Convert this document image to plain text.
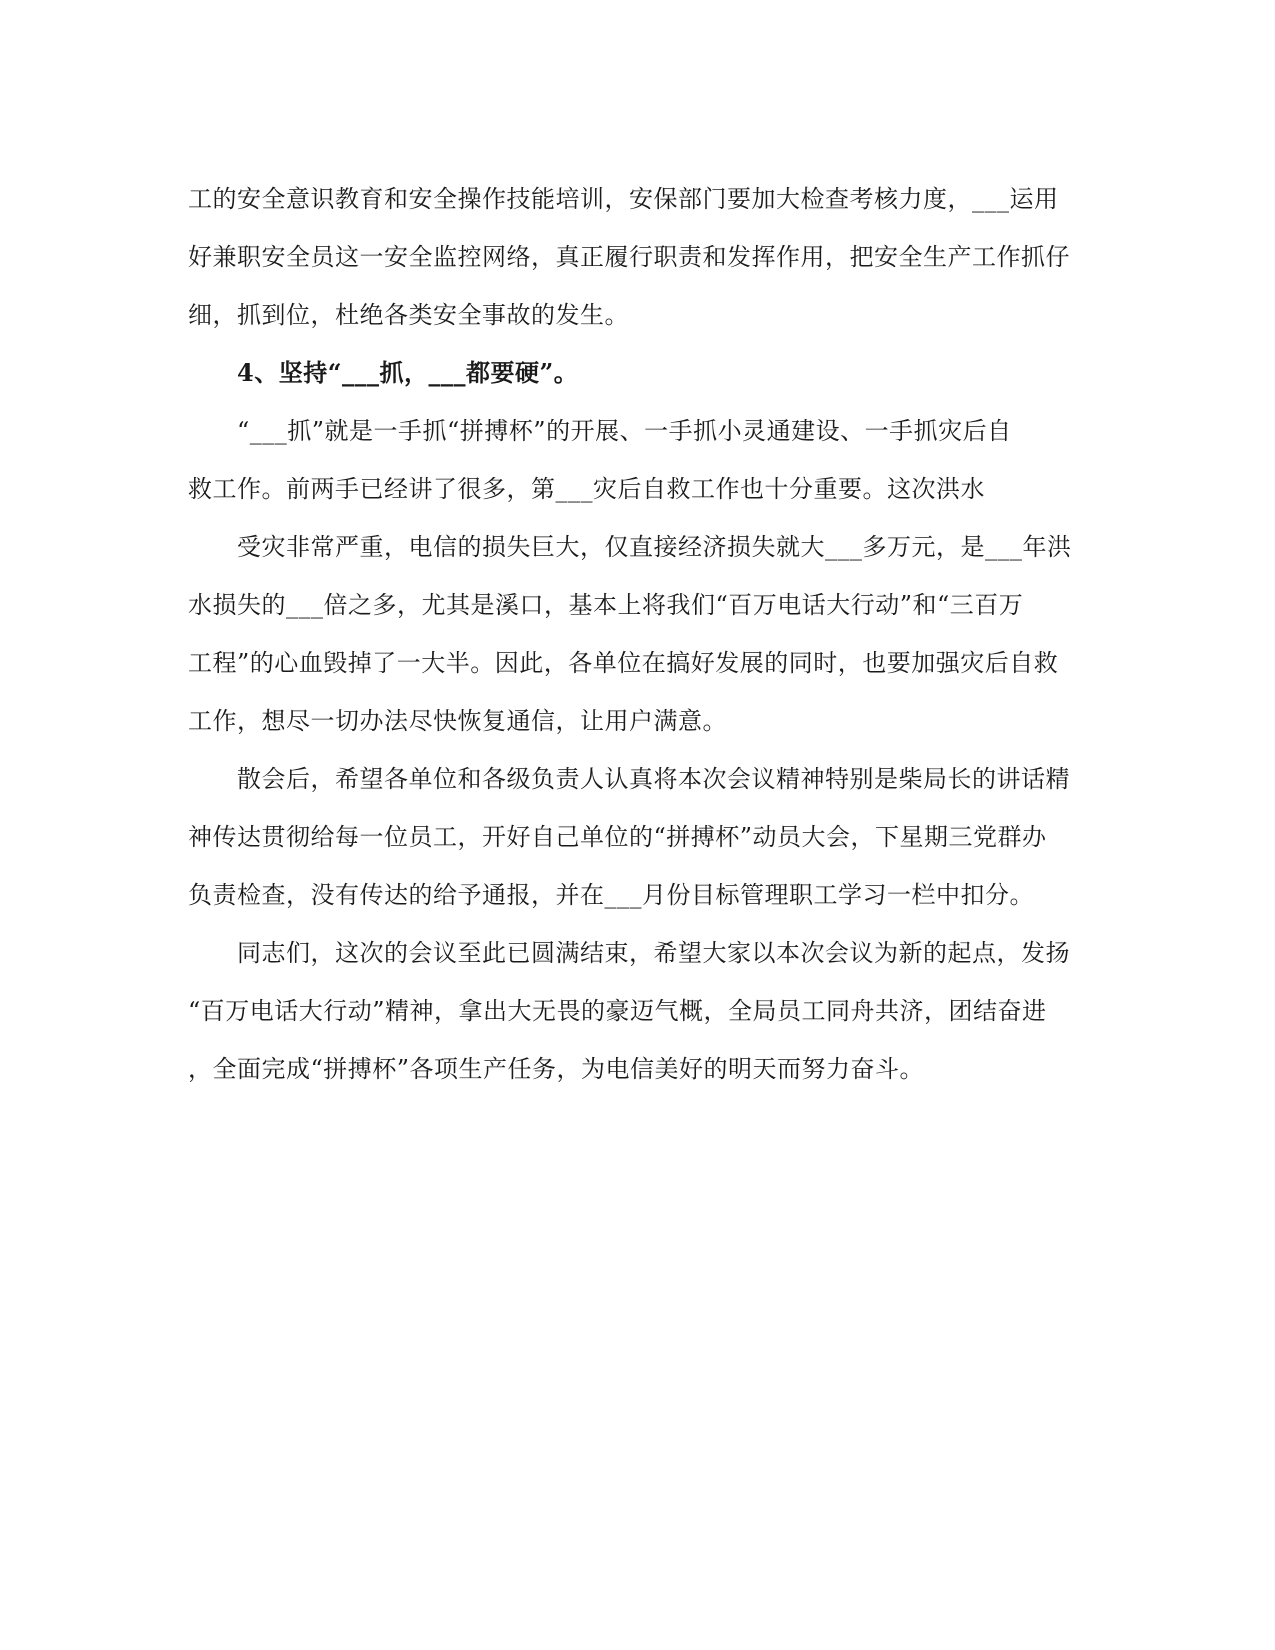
工的安全意识教育和安全操作技能培训，安保部门要加大检查考核力度，___运用
好兼职安全员这一安全监控网络，真正履行职责和发挥作用，把安全生产工作抓仔
细，抓到位，杜绝各类安全事故的发生。
4、坚持“___抓，___都要硬”。
“___抓”就是一手抓“拼搏杯”的开展、一手抓小灵通建设、一手抓灾后自
救工作。前两手已经讲了很多，第___灾后自救工作也十分重要。这次洪水
受灾非常严重，电信的损失巨大，仅直接经济损失就大___多万元，是___年洪
水损失的___倍之多，尤其是溪口，基本上将我们“百万电话大行动”和“三百万
工程”的心血毁掉了一大半。因此，各单位在搞好发展的同时，也要加强灾后自救
工作，想尽一切办法尽快恢复通信，让用户满意。
散会后，希望各单位和各级负责人认真将本次会议精神特别是柴局长的讲话精
神传达贯彻给每一位员工，开好自己单位的“拼搏杯”动员大会，下星期三党群办
负责检查，没有传达的给予通报，并在___月份目标管理职工学习一栏中扣分。
同志们，这次的会议至此已圆满结束，希望大家以本次会议为新的起点，发扬
“百万电话大行动”精神，拿出大无畏的豪迈气概，全局员工同舟共济，团结奋进
，全面完成“拼搏杯”各项生产任务，为电信美好的明天而努力奋斗。
